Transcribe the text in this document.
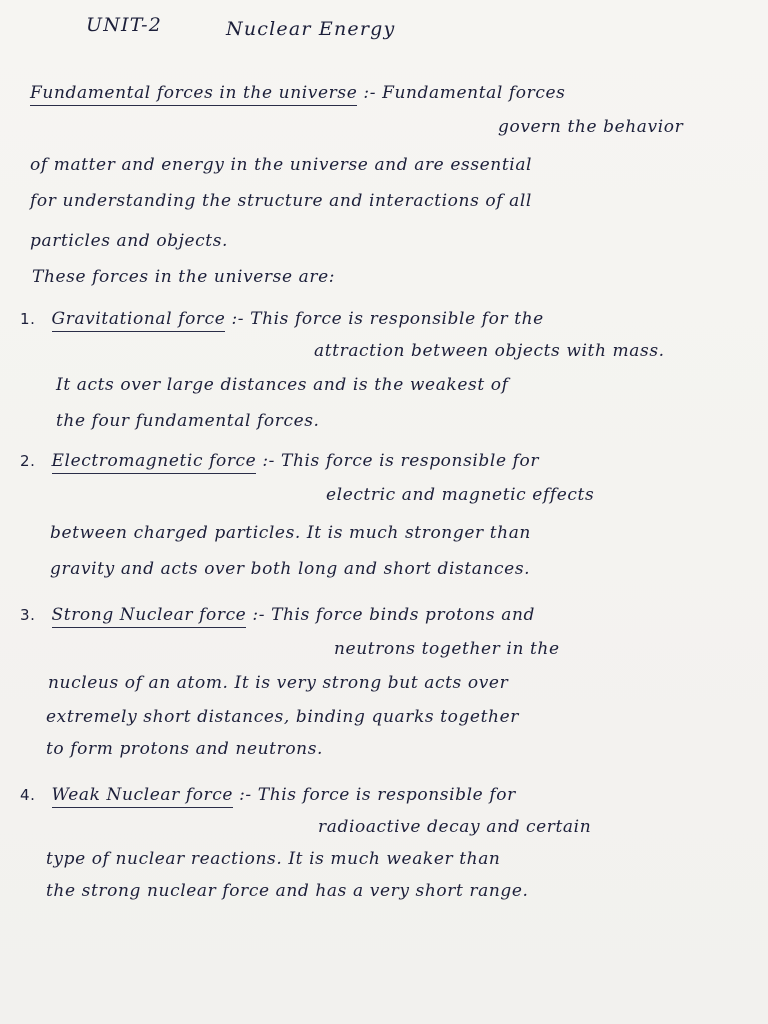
UNIT-2	Nuclear Energy
Fundamental forces in the universe :- Fundamental forces
govern the behavior
of matter and energy in the universe and are essential
for understanding the structure and interactions of all
particles and objects.
These forces in the universe are:
1. Gravitational force :- This force is responsible for the
attraction between objects with mass.
It acts over large distances and is the weakest of
the four fundamental forces.
2. Electromagnetic force :- This force is responsible for
electric and magnetic effects
between charged particles. It is much stronger than
gravity and acts over both long and short distances.
3. Strong Nuclear force :- This force binds protons and
neutrons together in the
nucleus of an atom. It is very strong but acts over
extremely short distances, binding quarks together
to form protons and neutrons.
4. Weak Nuclear force :- This force is responsible for
radioactive decay and certain
type of nuclear reactions. It is much weaker than
the strong nuclear force and has a very short range.
